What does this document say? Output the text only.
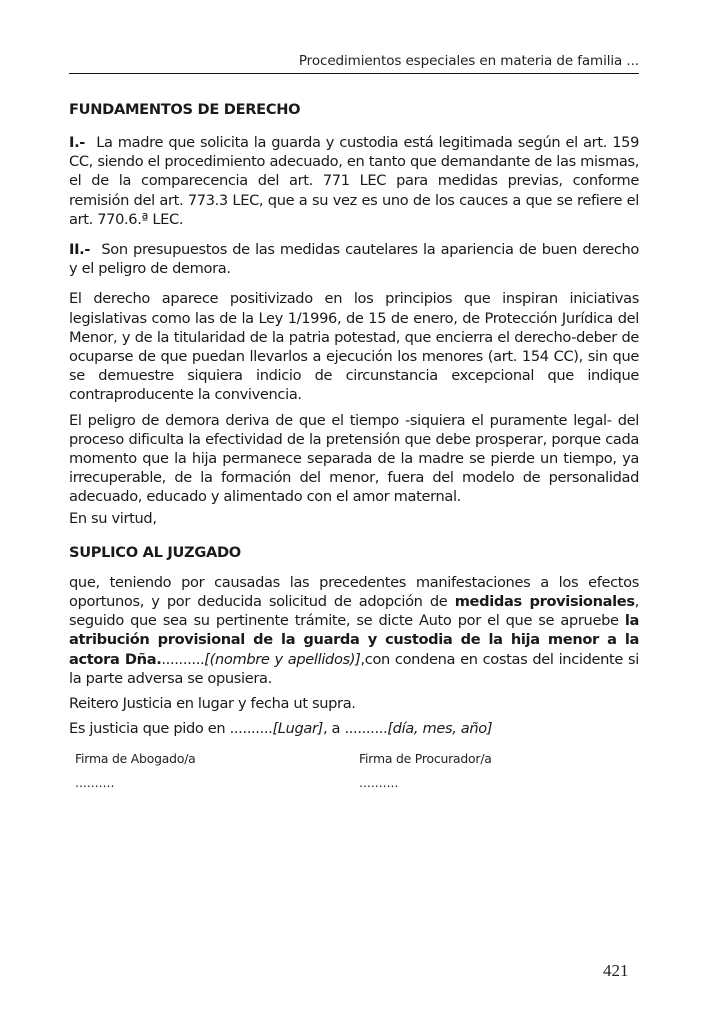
Procedimientos especiales en materia de familia ...
FUNDAMENTOS DE DERECHO

I.- La madre que solicita la guarda y custodia está legitimada según el art. 159 CC, siendo el procedimiento adecuado, en tanto que demandante de las mismas, el de la comparecencia del art. 771 LEC para medidas previas, conforme remisión del art. 773.3 LEC, que a su vez es uno de los cauces a que se refiere el art. 770.6.ª LEC.

II.- Son presupuestos de las medidas cautelares la apariencia de buen derecho y el peligro de demora.

El derecho aparece positivizado en los principios que inspiran iniciativas legislativas como las de la Ley 1/1996, de 15 de enero, de Protección Jurídica del Menor, y de la titularidad de la patria potestad, que encierra el derecho-deber de ocuparse de que puedan llevarlos a ejecución los menores (art. 154 CC), sin que se demuestre siquiera indicio de circunstancia excepcional que indique contraproducente la convivencia.

El peligro de demora deriva de que el tiempo -siquiera el puramente legal- del proceso dificulta la efectividad de la pretensión que debe prosperar, porque cada momento que la hija permanece separada de la madre se pierde un tiempo, ya irrecuperable, de la formación del menor, fuera del modelo de personalidad adecuado, educado y alimentado con el amor maternal.

En su virtud,

SUPLICO AL JUZGADO

que, teniendo por causadas las precedentes manifestaciones a los efectos oportunos, y por deducida solicitud de adopción de medidas provisionales, seguido que sea su pertinente trámite, se dicte Auto por el que se apruebe la atribución provisional de la guarda y custodia de la hija menor a la actora Dña...........[(nombre y apellidos)],con condena en costas del incidente si la parte adversa se opusiera.

Reitero Justicia en lugar y fecha ut supra.

Es justicia que pido en ..........[Lugar], a ..........[día, mes, año]

Firma de Abogado/a
..........
Firma de Procurador/a
..........
421
